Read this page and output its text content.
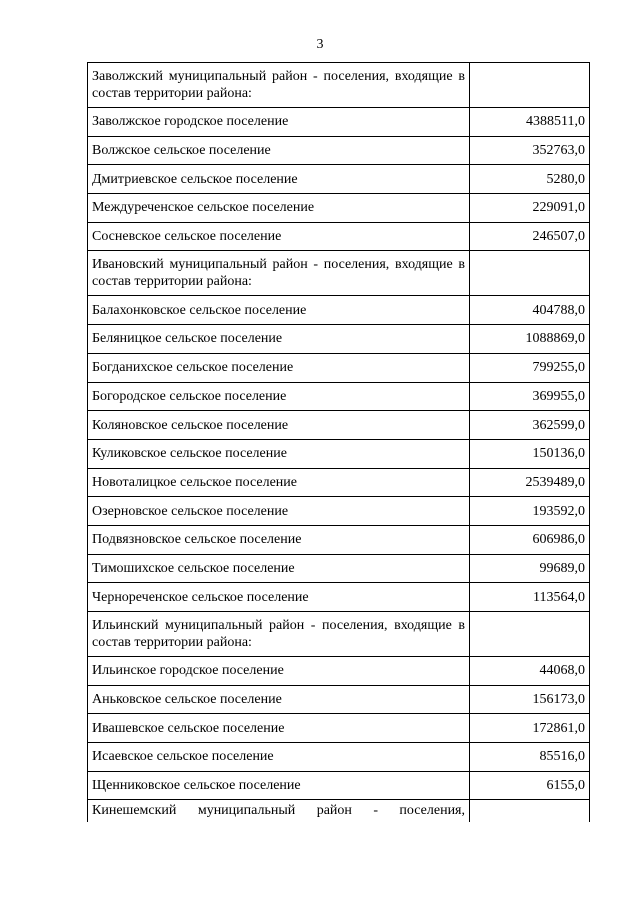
3
Заволжский муниципальный район - поселения, входящие в состав территории района:	
Заволжское городское поселение	4388511,0
Волжское сельское поселение	352763,0
Дмитриевское сельское поселение	5280,0
Междуреченское сельское поселение	229091,0
Сосневское сельское поселение	246507,0
Ивановский муниципальный район - поселения, входящие в состав территории района:	
Балахонковское сельское поселение	404788,0
Беляницкое сельское поселение	1088869,0
Богданихское сельское поселение	799255,0
Богородское сельское поселение	369955,0
Коляновское сельское поселение	362599,0
Куликовское сельское поселение	150136,0
Новоталицкое сельское поселение	2539489,0
Озерновское сельское поселение	193592,0
Подвязновское сельское поселение	606986,0
Тимошихское сельское поселение	99689,0
Чернореченское сельское поселение	113564,0
Ильинский муниципальный район - поселения, входящие в состав территории района:	
Ильинское городское поселение	44068,0
Аньковское сельское поселение	156173,0
Ивашевское сельское поселение	172861,0
Исаевское сельское поселение	85516,0
Щенниковское сельское поселение	6155,0
Кинешемский муниципальный район - поселения,	
